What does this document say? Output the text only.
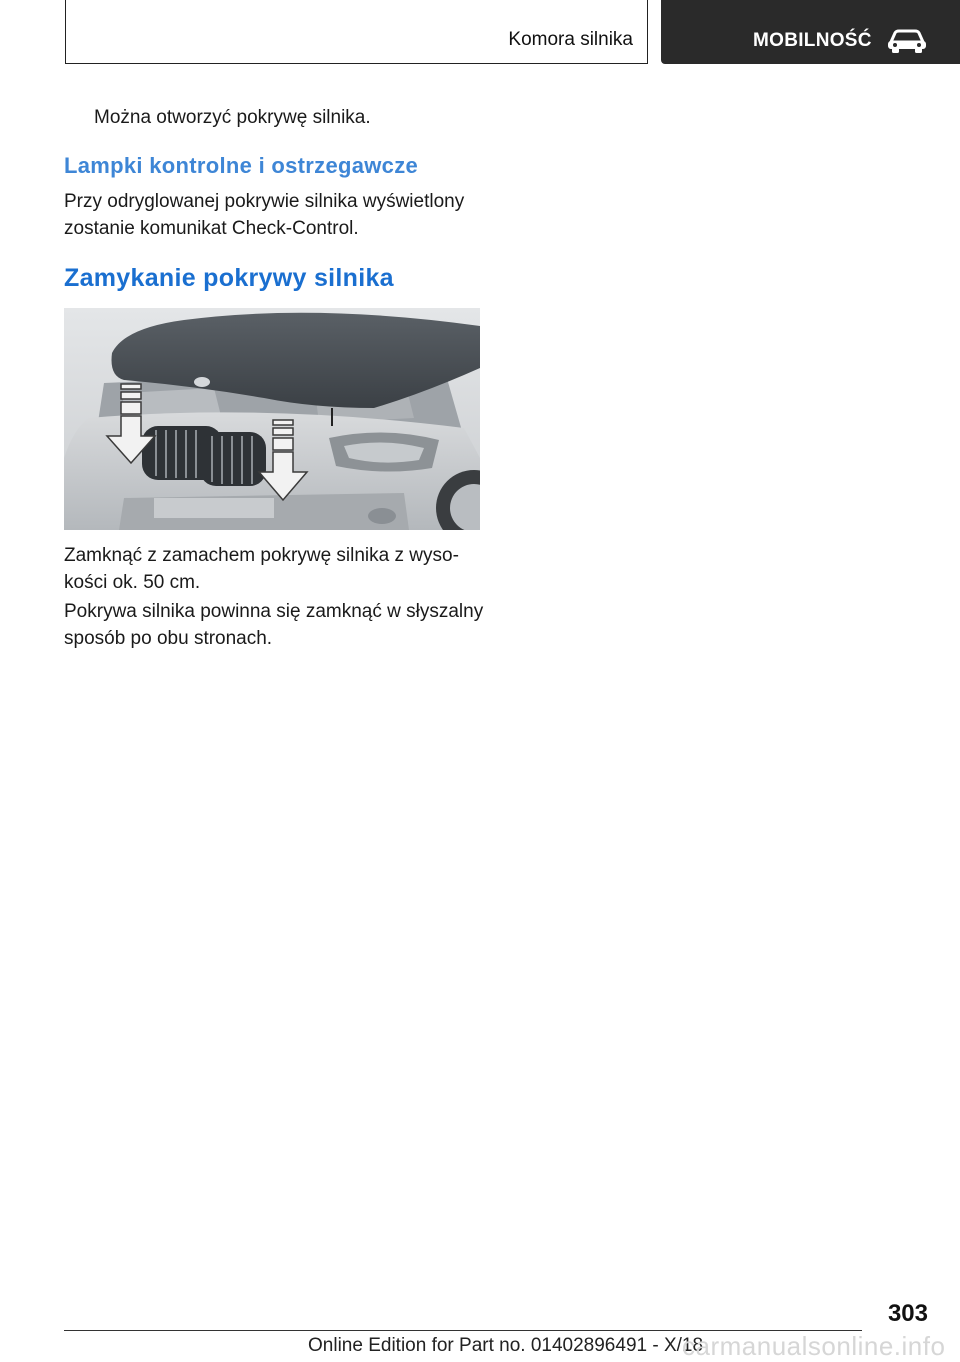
Komora silnika	MOBILNOŚĆ
Można otworzyć pokrywę silnika.
Lampki kontrolne i ostrzegawcze
Przy odryglowanej pokrywie silnika wyświetlony
zostanie komunikat Check-Control.
Zamykanie pokrywy silnika
Zamknąć z zamachem pokrywę silnika z wyso-
kości ok. 50 cm.
Pokrywa silnika powinna się zamknąć w słyszalny
sposób po obu stronach.
303
Online Edition for Part no. 01402896491 - X/18
carmanualsonline.info
